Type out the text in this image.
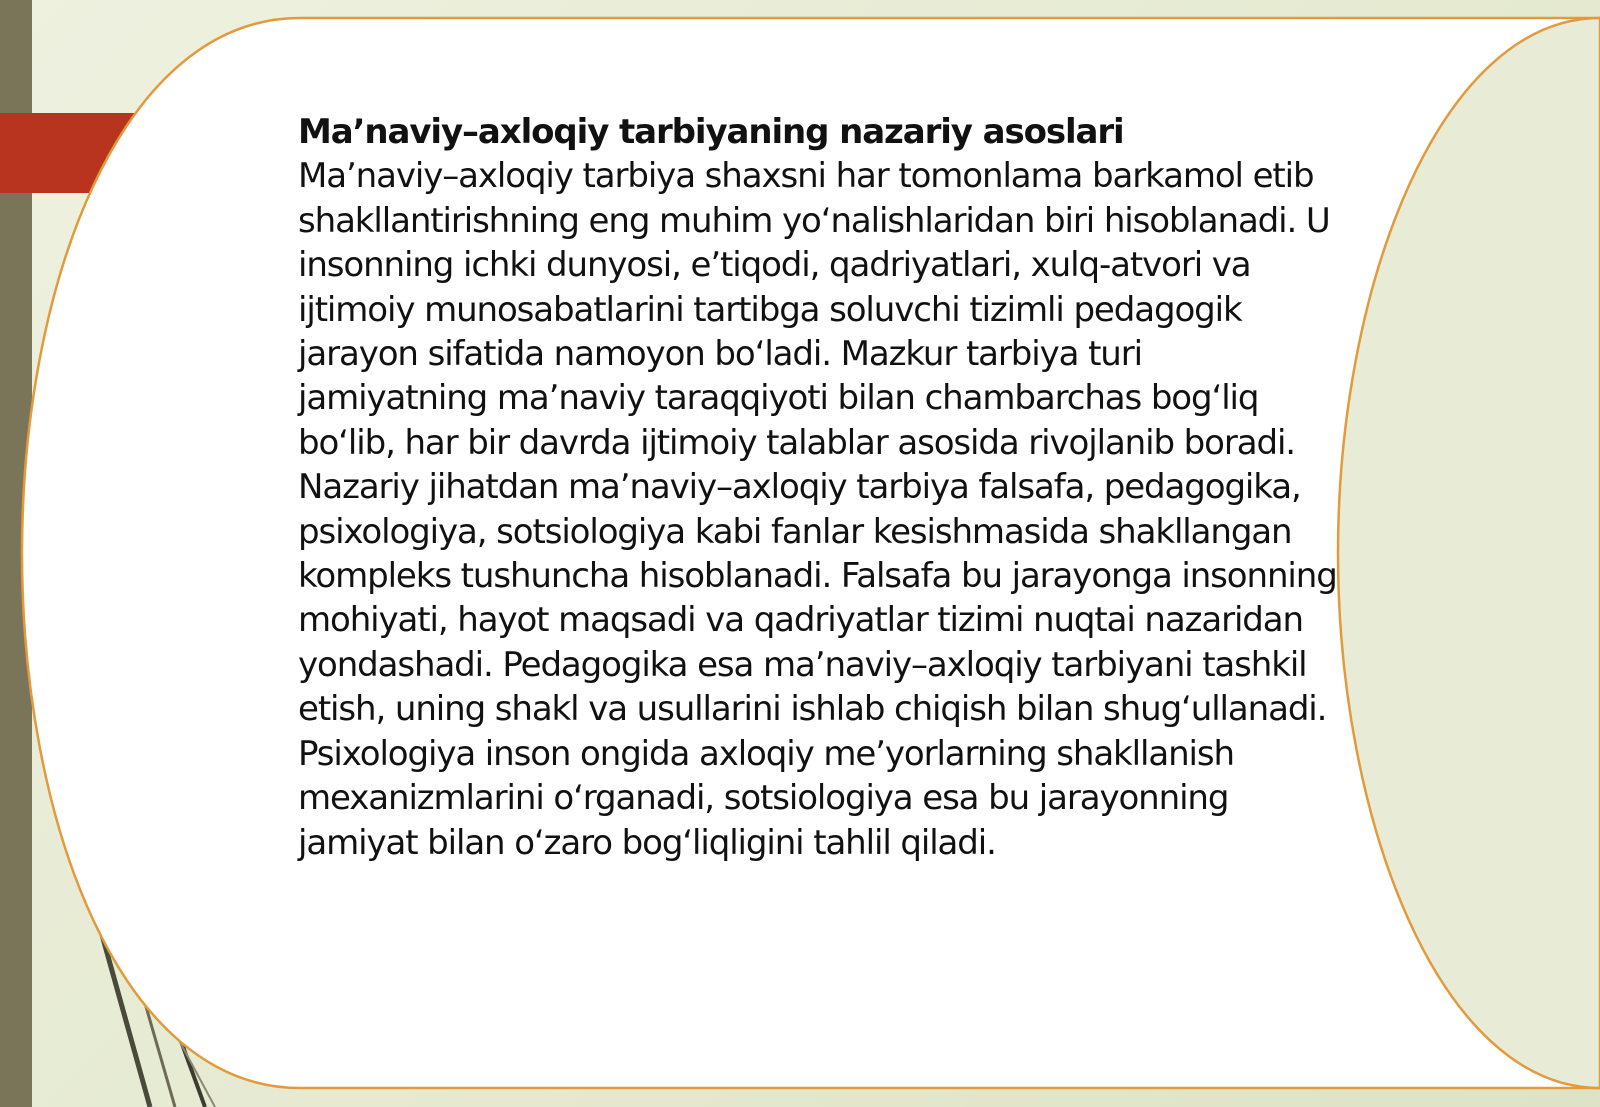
Ma’naviy–axloqiy tarbiyaning nazariy asoslari
Ma’naviy–axloqiy tarbiya shaxsni har tomonlama barkamol etib shakllantirishning eng muhim yo‘nalishlaridan biri hisoblanadi. U insonning ichki dunyosi, e’tiqodi, qadriyatlari, xulq-atvori va ijtimoiy munosabatlarini tartibga soluvchi tizimli pedagogik jarayon sifatida namoyon bo‘ladi. Mazkur tarbiya turi jamiyatning ma’naviy taraqqiyoti bilan chambarchas bog‘liq bo‘lib, har bir davrda ijtimoiy talablar asosida rivojlanib boradi.
Nazariy jihatdan ma’naviy–axloqiy tarbiya falsafa, pedagogika, psixologiya, sotsiologiya kabi fanlar kesishmasida shakllangan kompleks tushuncha hisoblanadi. Falsafa bu jarayonga insonning mohiyati, hayot maqsadi va qadriyatlar tizimi nuqtai nazaridan yondashadi. Pedagogika esa ma’naviy–axloqiy tarbiyani tashkil etish, uning shakl va usullarini ishlab chiqish bilan shug‘ullanadi. Psixologiya inson ongida axloqiy me’yorlarning shakllanish mexanizmlarini o‘rganadi, sotsiologiya esa bu jarayonning jamiyat bilan o‘zaro bog‘liqligini tahlil qiladi.
